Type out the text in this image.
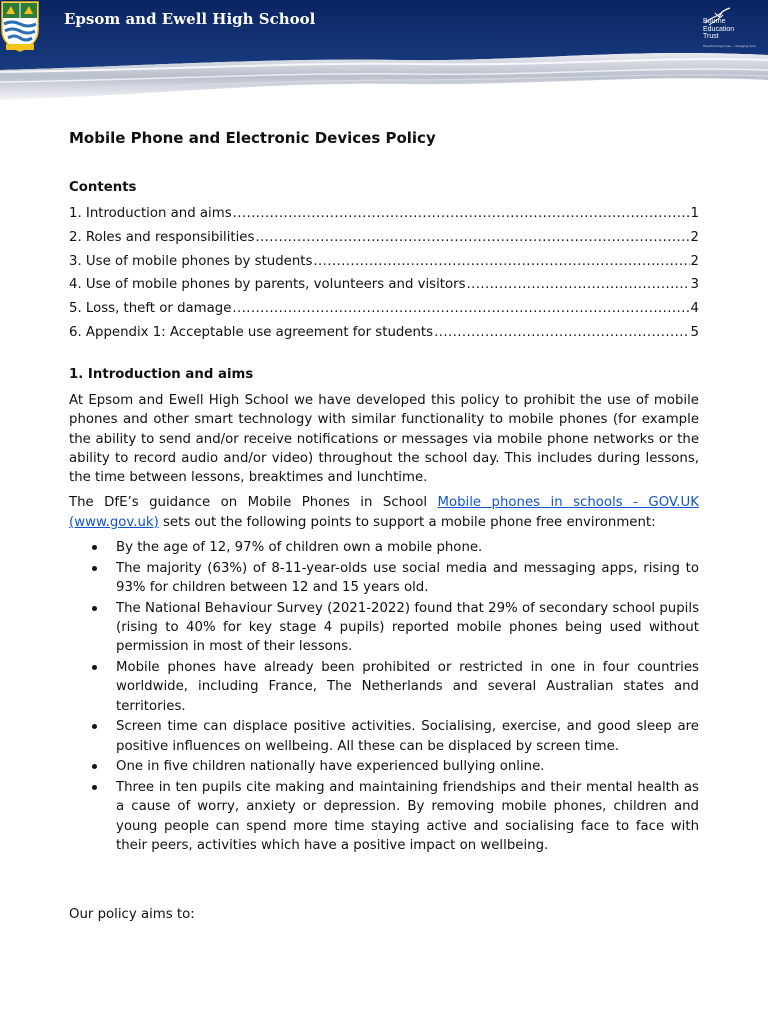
Epsom and Ewell High School	Bourne
Education
Trust
Transforming lives... changing lives
Mobile Phone and Electronic Devices Policy
Contents
1. Introduction and aims .....	1
2. Roles and responsibilities .....	2
3. Use of mobile phones by students .....	2
4. Use of mobile phones by parents, volunteers and visitors .....	3
5. Loss, theft or damage .....	4
6. Appendix 1: Acceptable use agreement for students .....	5
1. Introduction and aims

At Epsom and Ewell High School we have developed this policy to prohibit the use of mobile phones and other smart technology with similar functionality to mobile phones (for example the ability to send and/or receive notifications or messages via mobile phone networks or the ability to record audio and/or video) throughout the school day. This includes during lessons, the time between lessons, breaktimes and lunchtime.

The DfE’s guidance on Mobile Phones in School Mobile phones in schools - GOV.UK (www.gov.uk) sets out the following points to support a mobile phone free environment:

By the age of 12, 97% of children own a mobile phone.
The majority (63%) of 8-11-year-olds use social media and messaging apps, rising to 93% for children between 12 and 15 years old.
The National Behaviour Survey (2021-2022) found that 29% of secondary school pupils (rising to 40% for key stage 4 pupils) reported mobile phones being used without permission in most of their lessons.
Mobile phones have already been prohibited or restricted in one in four countries worldwide, including France, The Netherlands and several Australian states and territories.
Screen time can displace positive activities. Socialising, exercise, and good sleep are positive influences on wellbeing. All these can be displaced by screen time.
One in five children nationally have experienced bullying online.
Three in ten pupils cite making and maintaining friendships and their mental health as a cause of worry, anxiety or depression. By removing mobile phones, children and young people can spend more time staying active and socialising face to face with their peers, activities which have a positive impact on wellbeing.

Our policy aims to:
